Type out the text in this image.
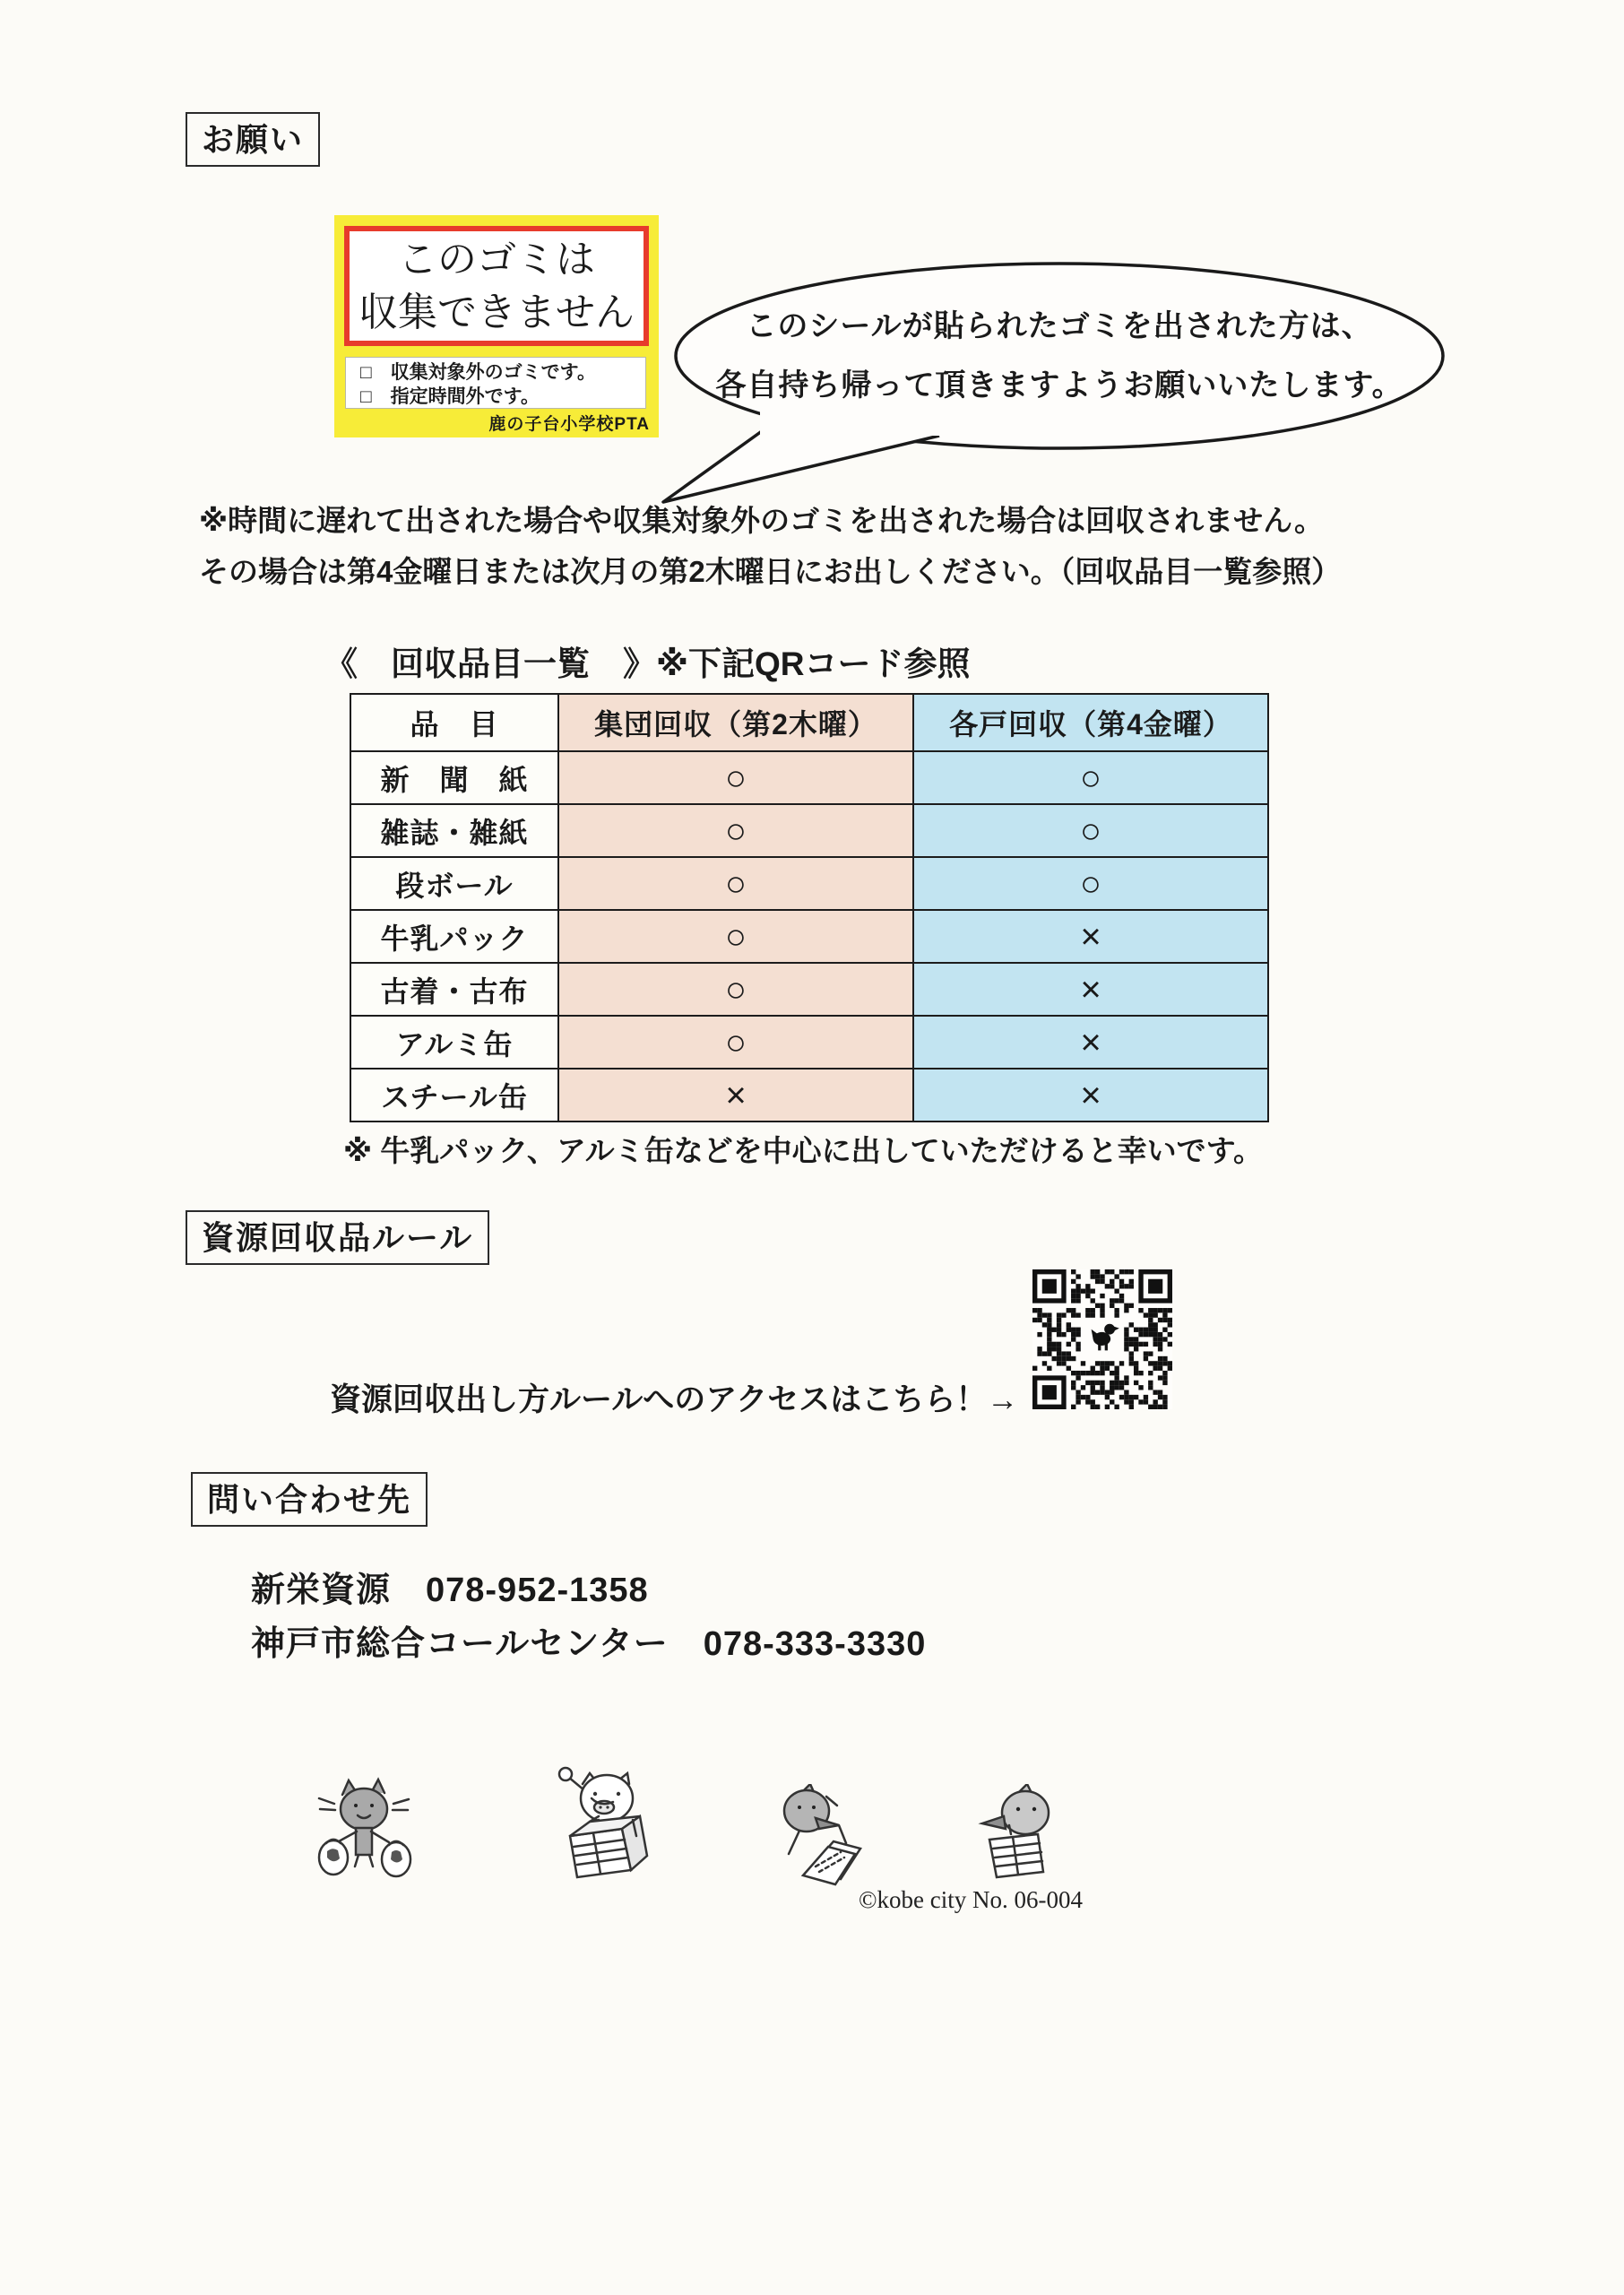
お願い
このゴミは
収集できません
□　収集対象外のゴミです。
□　指定時間外です。
鹿の子台小学校PTA
このシールが貼られたゴミを出された方は、
各自持ち帰って頂きますようお願いいたします。
※時間に遅れて出された場合や収集対象外のゴミを出された場合は回収されません。
その場合は第4金曜日または次月の第2木曜日にお出しください。（回収品目一覧参照）
《　回収品目一覧　》※下記QRコード参照
品　目	集団回収（第2木曜）	各戸回収（第4金曜）
新　聞　紙	○	○
雑誌・雑紙	○	○
段ボール	○	○
牛乳パック	○	×
古着・古布	○	×
アルミ缶	○	×
スチール缶	×	×
※ 牛乳パック、アルミ缶などを中心に出していただけると幸いです。
資源回収品ルール
資源回収出し方ルールへのアクセスはこちら！→
問い合わせ先
新栄資源　078-952-1358
神戸市総合コールセンター　078-333-3330
©kobe city No. 06-004
